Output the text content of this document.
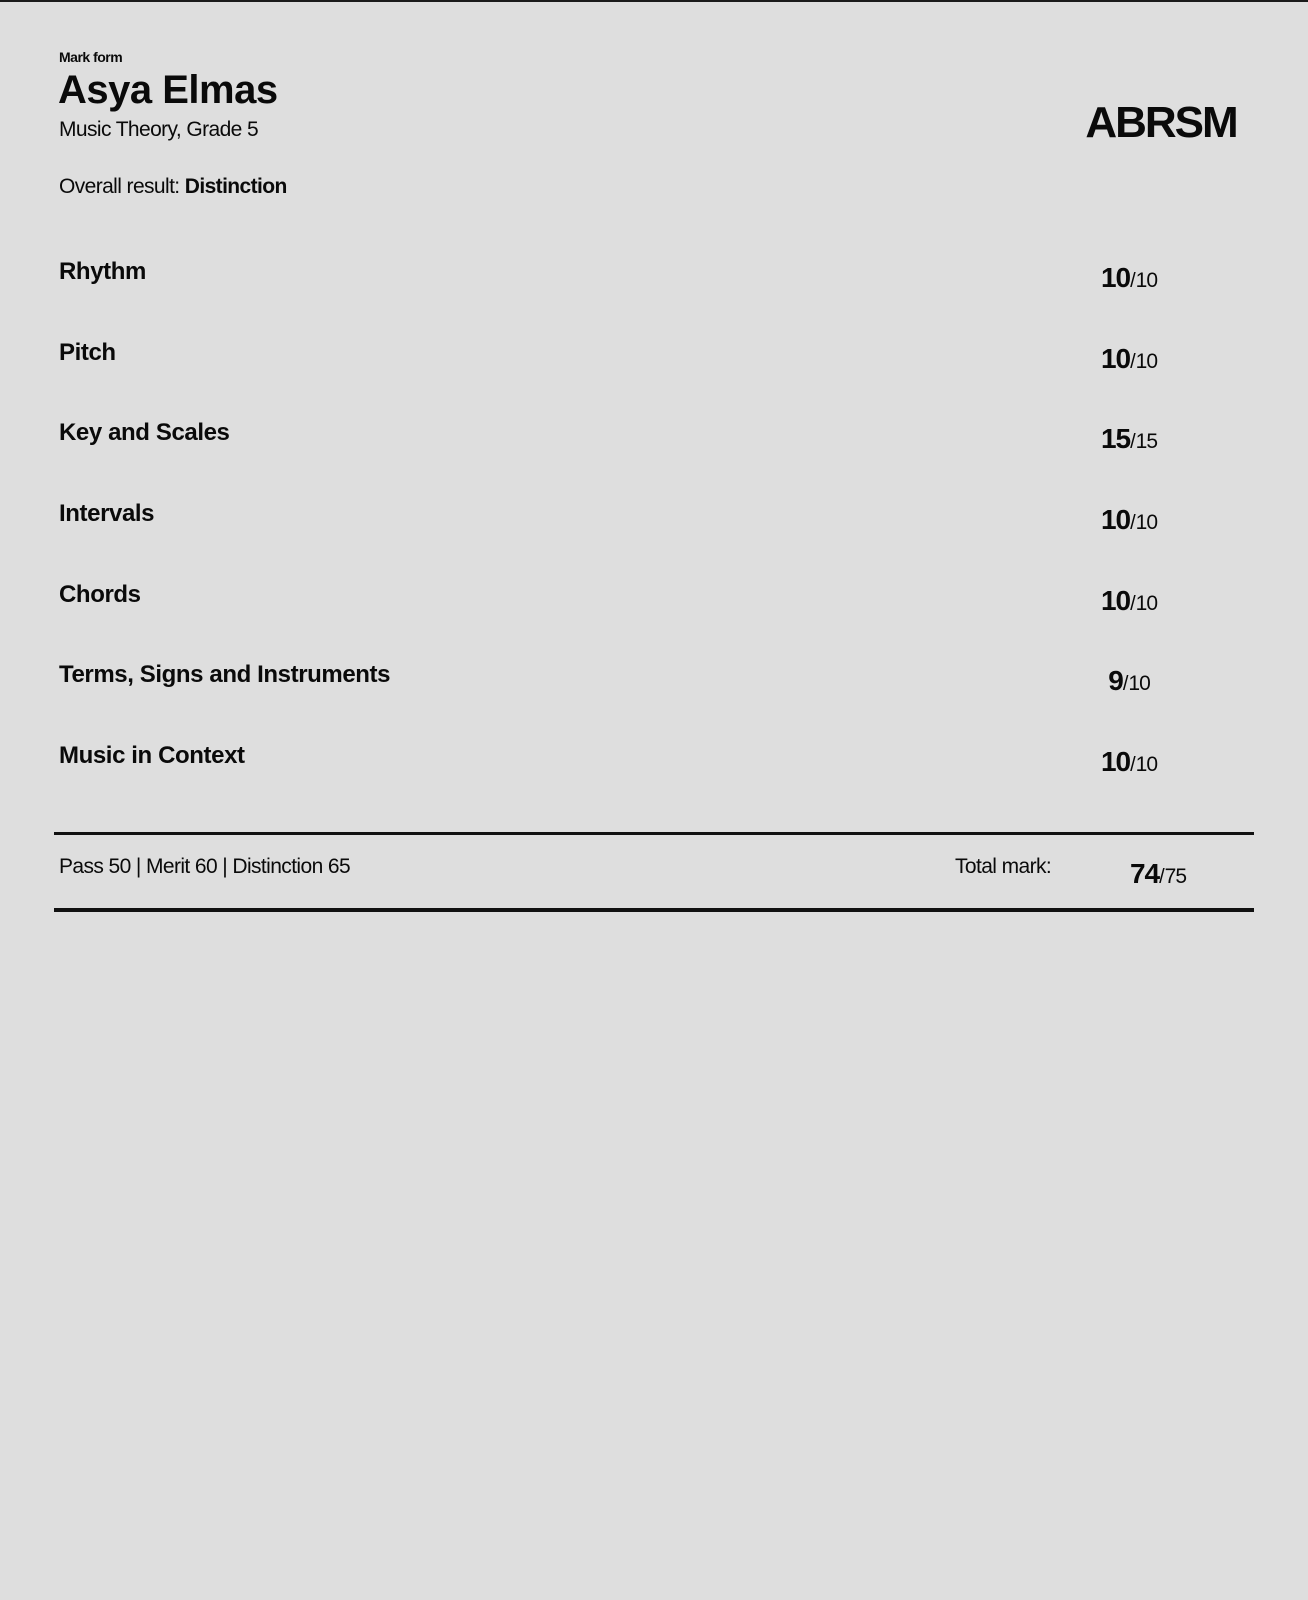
Mark form
Asya Elmas
Music Theory, Grade 5
Overall result: Distinction
ABRSM
Rhythm	10/10
Pitch	10/10
Key and Scales	15/15
Intervals	10/10
Chords	10/10
Terms, Signs and Instruments	9/10
Music in Context	10/10
Pass 50 | Merit 60 | Distinction 65	Total mark:	74/75
